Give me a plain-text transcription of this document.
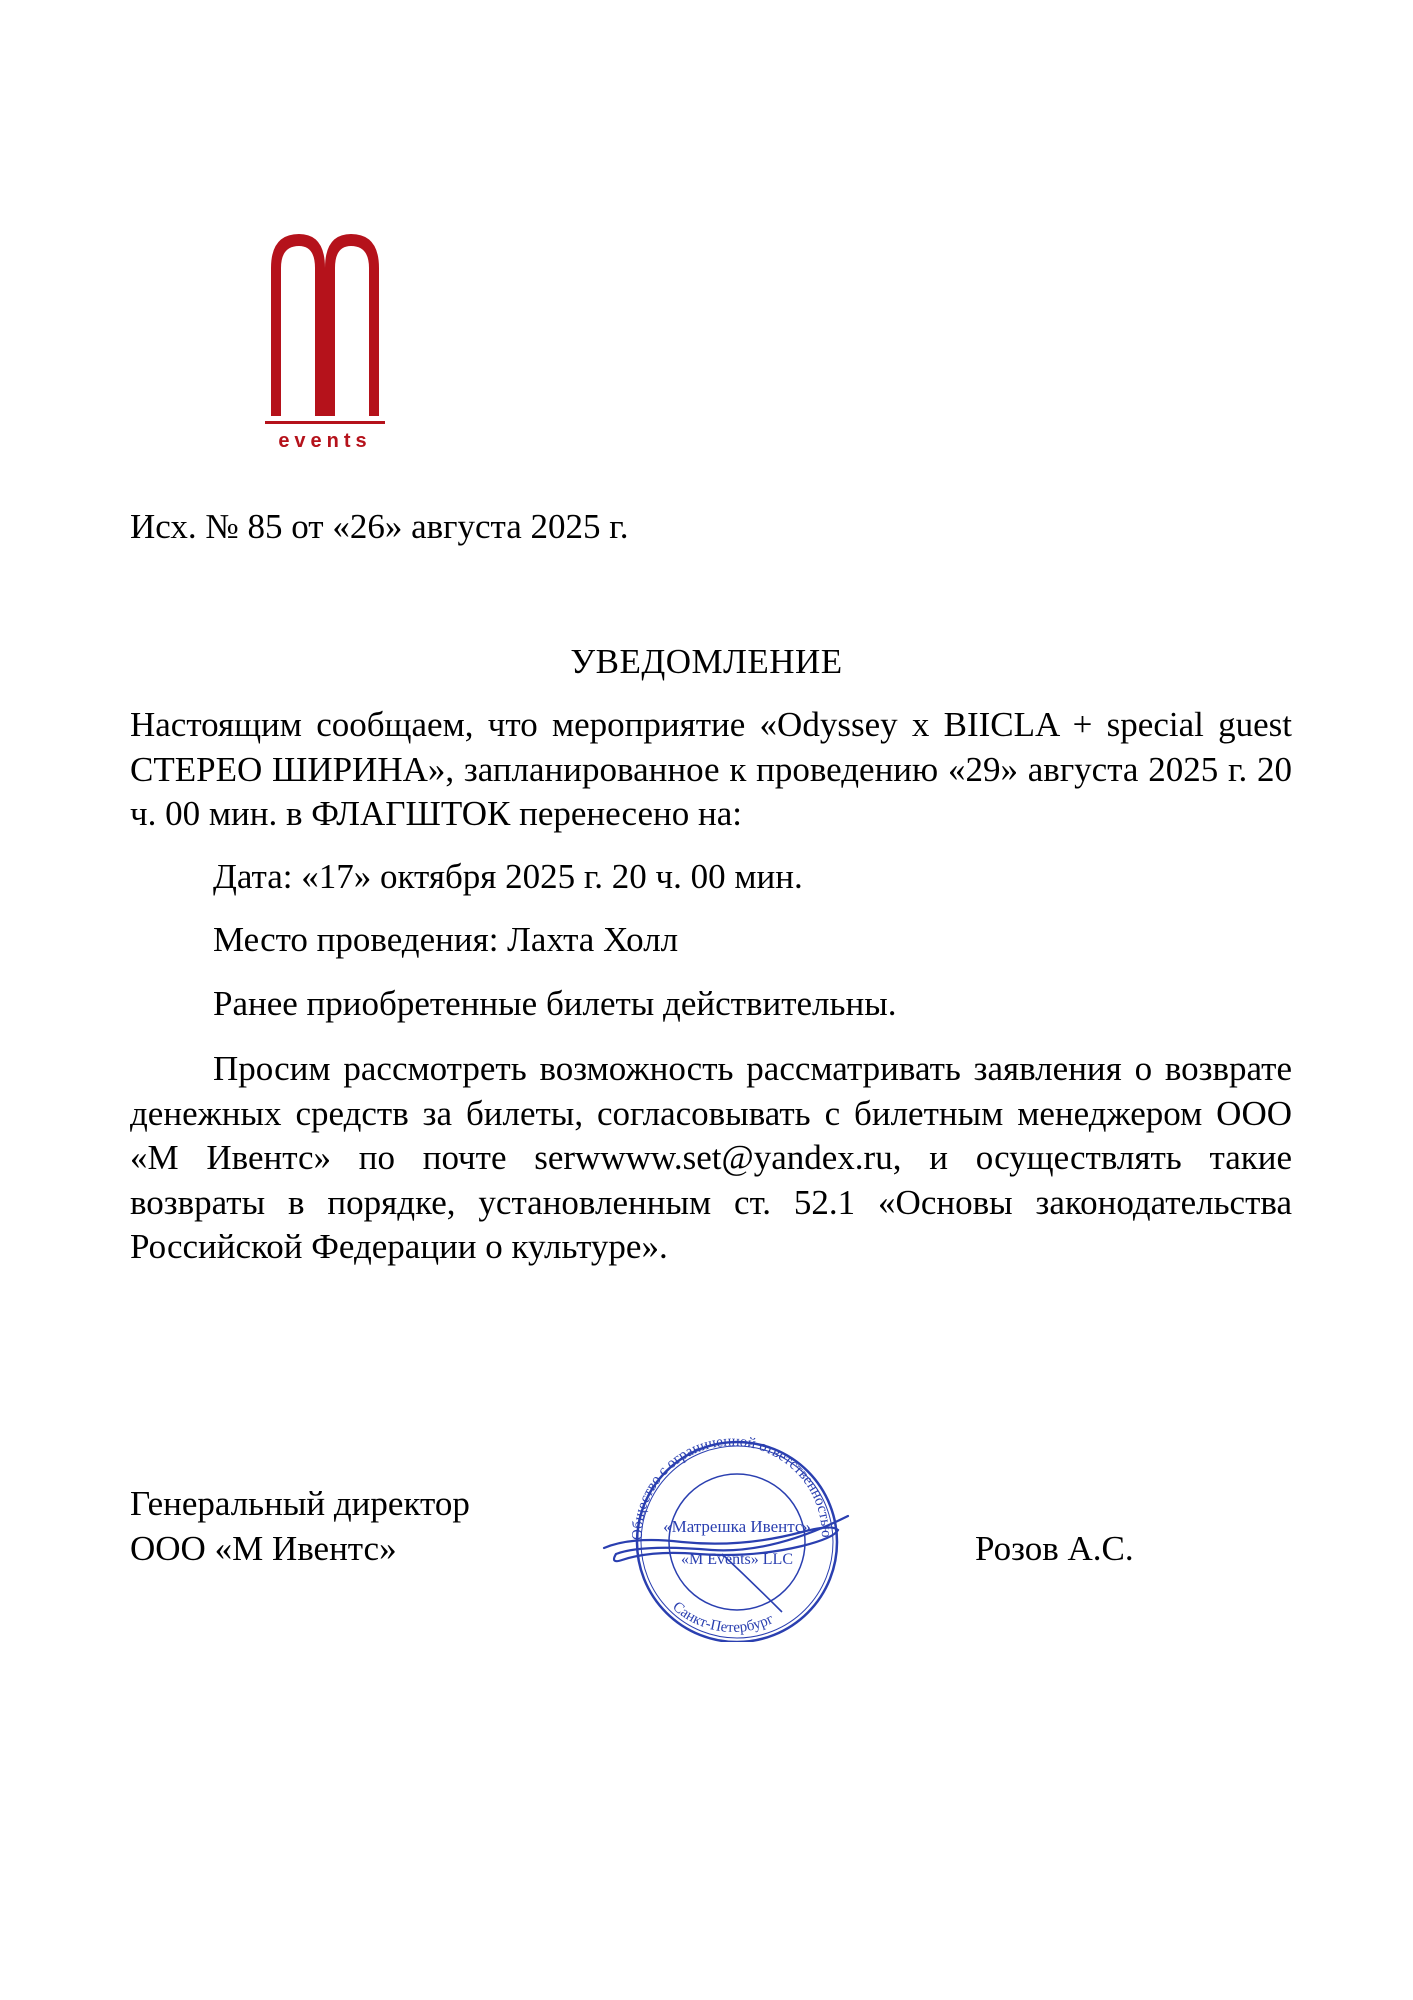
events
Исх. № 85 от «26» августа 2025 г.
УВЕДОМЛЕНИЕ
Настоящим сообщаем, что мероприятие «Odyssey x BIICLA + special guest СТЕРЕО ШИРИНА», запланированное к проведению «29» августа 2025 г. 20 ч. 00 мин. в ФЛАГШТОК перенесено на:
Дата: «17» октября 2025 г. 20 ч. 00 мин.
Место проведения: Лахта Холл
Ранее приобретенные билеты действительны.
Просим рассмотреть возможность рассматривать заявления о возврате денежных средств за билеты, согласовывать с билетным менеджером ООО «М Ивентс» по почте serwwww.set@yandex.ru, и осуществлять такие возвраты в порядке, установленным ст. 52.1 «Основы законодательства Российской Федерации о культуре».
Генеральный директор
ООО «М Ивентс»	Розов А.С.
Общество с ограниченной ответственностью
Санкт-Петербург
«Матрешка Ивентс»
«M Events» LLC
